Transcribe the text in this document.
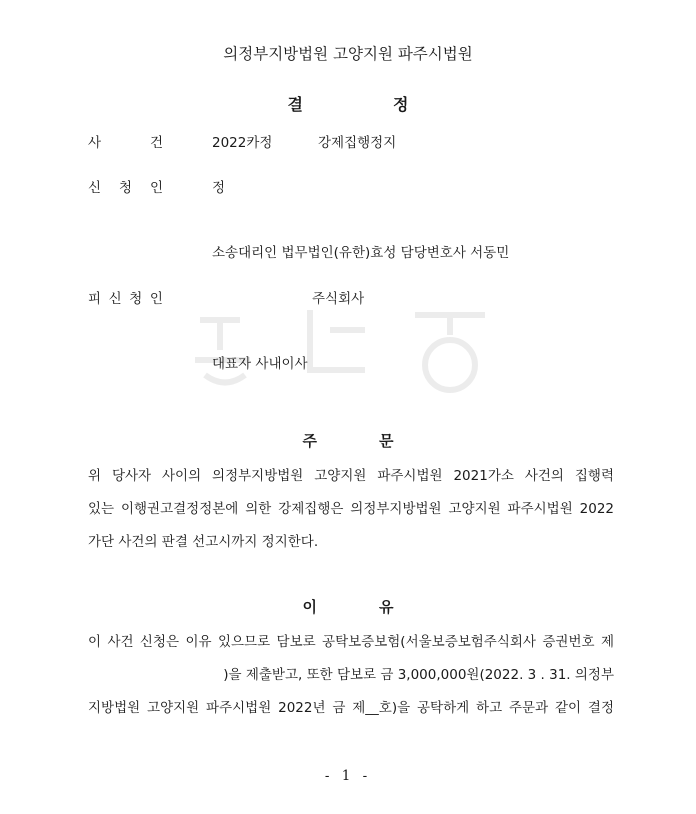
의정부지방법원 고양지원 파주시법원
결정
사	건	2022카정	강제집행정지
신 청 인	정
소송대리인 법무법인(유한)효성 담당변호사 서동민
피 신 청 인	주식회사
대표자 사내이사
주	문
위 당사자 사이의 의정부지방법원 고양지원 파주시법원 2021가소 사건의 집행력
있는 이행권고결정정본에 의한 강제집행은 의정부지방법원 고양지원 파주시법원 2022
가단 사건의 판결 선고시까지 정지한다.
이	유
이 사건 신청은 이유 있으므로 담보로 공탁보증보험(서울보증보험주식회사 증권번호 제
)을 제출받고, 또한 담보로 금 3,000,000원(2022. 3 . 31. 의정부
지방법원 고양지원 파주시법원 2022년 금 제__호)을 공탁하게 하고 주문과 같이 결정
- 1 -
